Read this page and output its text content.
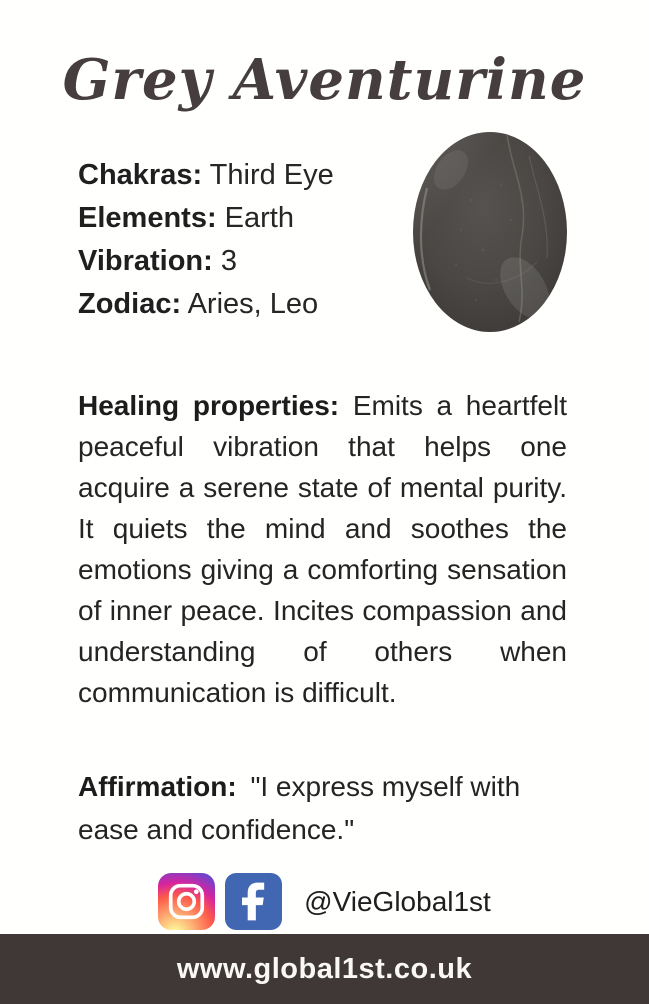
Grey Aventurine
Chakras: Third Eye
Elements: Earth
Vibration: 3
Zodiac: Aries, Leo

Healing properties: Emits a heartfelt peaceful vibration that helps one acquire a serene state of mental purity. It quiets the mind and soothes the emotions giving a comforting sensation of inner peace. Incites compassion and understanding of others when communication is difficult.

Affirmation: "I express myself with ease and confidence."

@VieGlobal1st
www.global1st.co.uk
